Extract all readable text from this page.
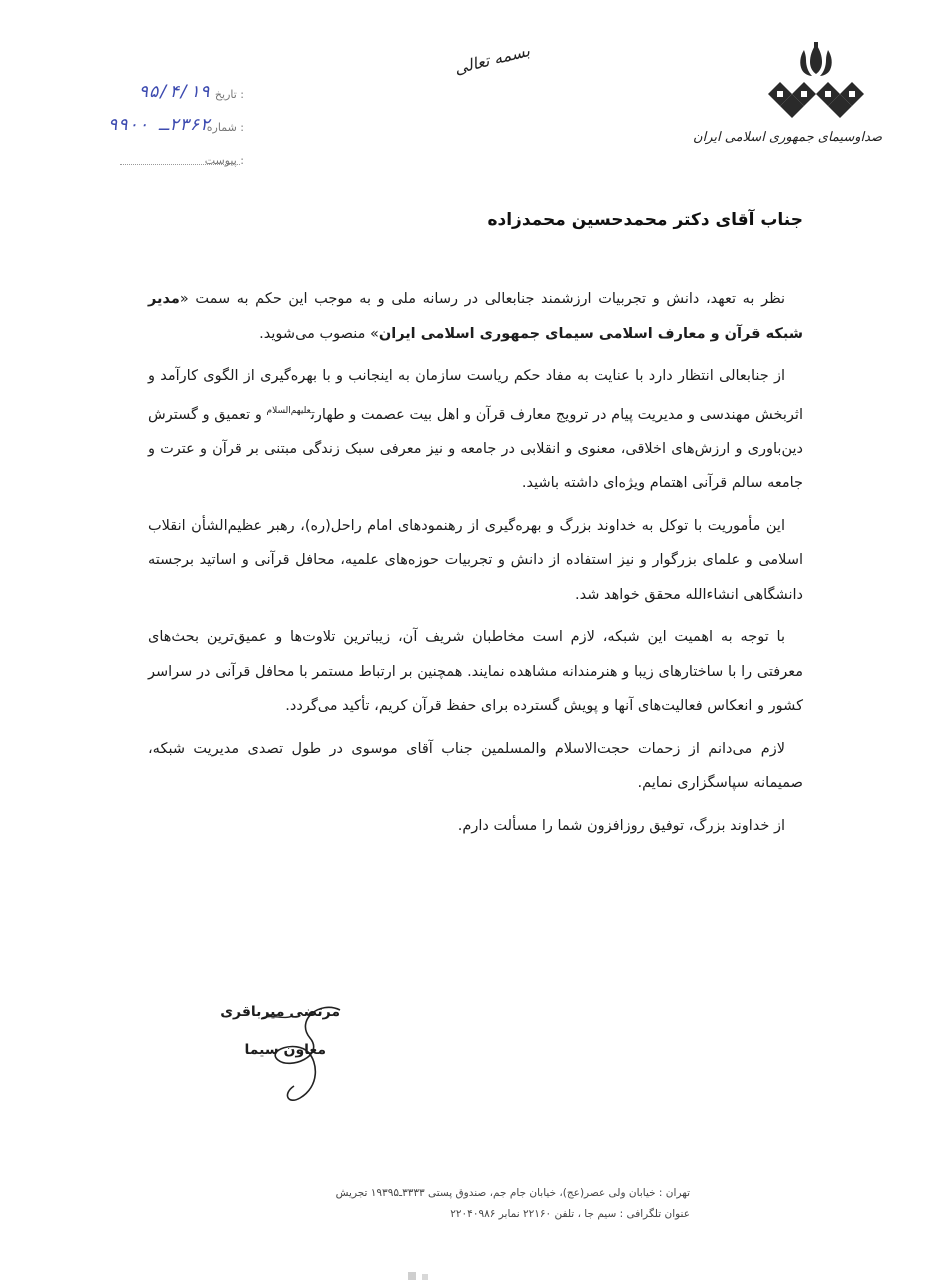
صداوسیمای جمهوری اسلامی ایران
بسمه تعالی
: تاریخ
۹۵/۴/۱۹
: شماره
۲۳۶۲ـ ۹۹۰۰
: پیوست
جناب آقای دکتر محمدحسین محمدزاده

نظر به تعهد، دانش و تجربیات ارزشمند جنابعالی در رسانه ملی و به موجب این حکم به سمت «مدیر شبکه قرآن و معارف اسلامی سیمای جمهوری اسلامی ایران» منصوب می‌شوید.

از جنابعالی انتظار دارد با عنایت به مفاد حکم ریاست سازمان به اینجانب و با بهره‌گیری از الگوی کارآمد و اثربخش مهندسی و مدیریت پیام در ترویج معارف قرآن و اهل بیت عصمت و طهارت$^{علیهم‌السلام}$ و تعمیق و گسترش دین‌باوری و ارزش‌های اخلاقی، معنوی و انقلابی در جامعه و نیز معرفی سبک زندگی مبتنی بر قرآن و عترت و جامعه سالم قرآنی اهتمام ویژه‌ای داشته باشید.

این مأموریت با توکل به خداوند بزرگ و بهره‌گیری از رهنمودهای امام راحل(ره)، رهبر عظیم‌الشأن انقلاب اسلامی و علمای بزرگوار و نیز استفاده از دانش و تجربیات حوزه‌های علمیه، محافل قرآنی و اساتید برجسته دانشگاهی انشاءالله محقق خواهد شد.

با توجه به اهمیت این شبکه، لازم است مخاطبان شریف آن، زیباترین تلاوت‌ها و عمیق‌ترین بحث‌های معرفتی را با ساختارهای زیبا و هنرمندانه مشاهده نمایند. همچنین بر ارتباط مستمر با محافل قرآنی در سراسر کشور و انعکاس فعالیت‌های آنها و پویش گسترده برای حفظ قرآن کریم، تأکید می‌گردد.

لازم می‌دانم از زحمات حجت‌الاسلام والمسلمین جناب آقای موسوی در طول تصدی مدیریت شبکه، صمیمانه سپاسگزاری نمایم.

از خداوند بزرگ، توفیق روزافزون شما را مسألت دارم.

مرتضی میرباقری
معاون سیما
تهران : خیابان ولی عصر(عج)، خیابان جام جم، صندوق پستی ۳۳۳۳ـ۱۹۳۹۵ تجریش
عنوان تلگرافی : سیم جا ، تلفن ۲۲۱۶۰ نمابر ۲۲۰۴۰۹۸۶
